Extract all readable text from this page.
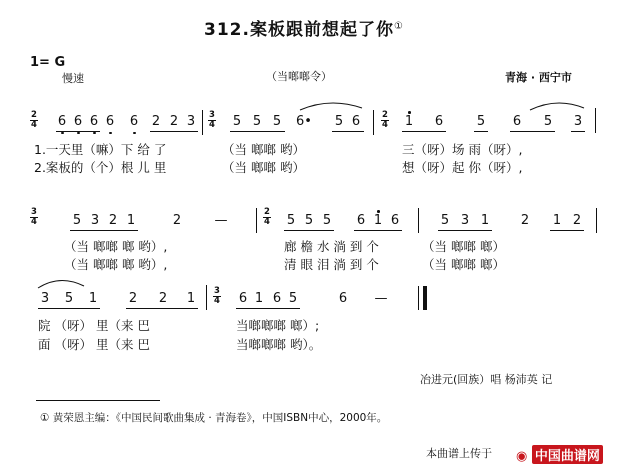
312.案板跟前想起了你①
1= G
慢速	（当啷啷令）	青海 · 西宁市
2
4 6 6 6 6 6 2 2 3	3
4 5 5 5	6•	5 6	2
4 1 6	5 6 5 3
1.一天里（嘛）下 给 了	（当 啷啷 哟）	三（呀）场 雨（呀）,
2.案板的（个）根 儿 里	（当 啷啷 哟）	想（呀）起 你（呀）,
3
4	5 3 2 1	2	—
2
4 5 5 5 6 1 6	5 3 1 2 1 2
（当 啷啷 啷 哟）,	廊 檐 水 淌 到 个	（当 啷啷 啷）
（当 啷啷 啷 哟）,	清 眼 泪 淌 到 个	（当 啷啷 啷）
3 5 1 2 2 1	3
4 6 1 6 5	6 —
院 （呀） 里（来 巴	当啷啷啷 啷）;
面 （呀） 里（来 巴	当啷啷啷 哟）。
冶进元(回族）唱 杨沛英 记
① 黄荣恩主编：《中国民间歌曲集成 · 青海卷》，中国ISBN中心，2000年。
本曲谱上传于 ◉ 中国曲谱网
